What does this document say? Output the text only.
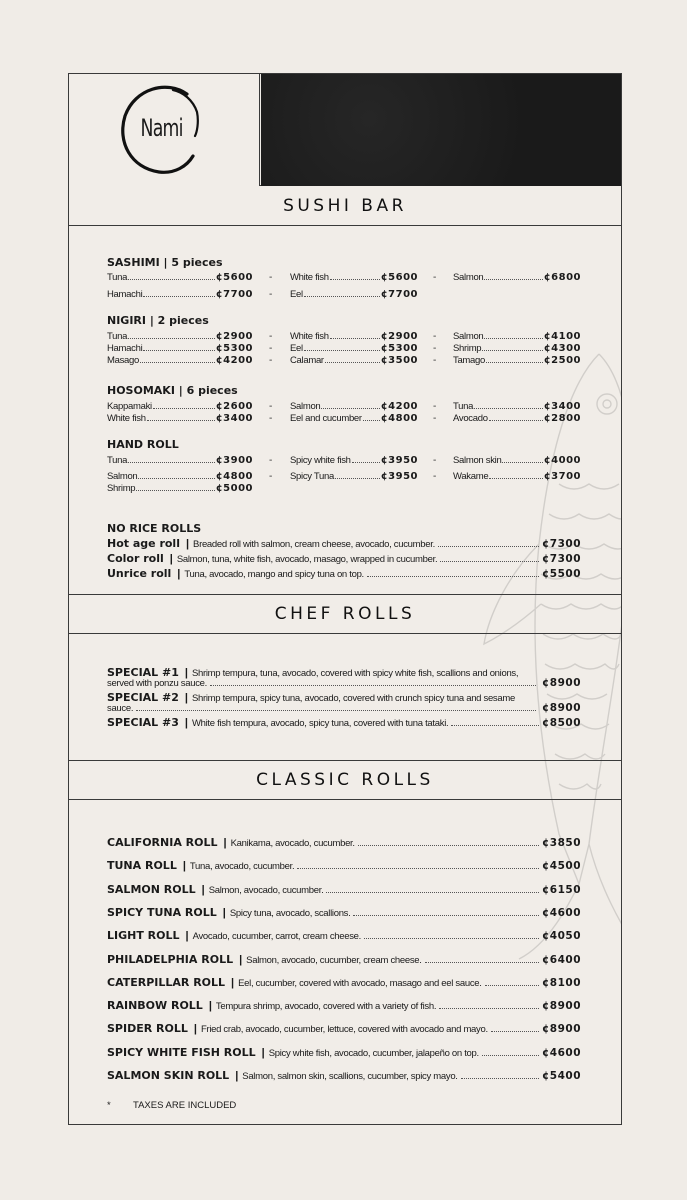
Nami
SUSHI BAR
SASHIMI | 5 pieces
Tuna	¢5600 - White fish	¢5600 - Salmon	¢6800
Hamachi	¢7700 - Eel	¢7700
NIGIRI | 2 pieces
Tuna	¢2900 - White fish	¢2900 - Salmon	¢4100
Hamachi	¢5300 - Eel	¢5300 - Shrimp	¢4300
Masago	¢4200 - Calamar	¢3500 - Tamago	¢2500
HOSOMAKI | 6 pieces
Kappamaki	¢2600 - Salmon	¢4200 - Tuna	¢3400
White fish	¢3400 - Eel and cucumber ¢4800 - Avocado	¢2800
HAND ROLL
Tuna	¢3900 - Spicy white fish	¢3950 - Salmon skin	¢4000
Salmon	¢4800 - Spicy Tuna	¢3950 - Wakame	¢3700
Shrimp	¢5000
NO RICE ROLLS
Hot age roll | Breaded roll with salmon, cream cheese, avocado, cucumber.	¢7300
Color roll | Salmon, tuna, white fish, avocado, masago, wrapped in cucumber.	¢7300
Unrice roll | Tuna, avocado, mango and spicy tuna on top.	¢5500
CHEF ROLLS
SPECIAL #1 | Shrimp tempura, tuna, avocado, covered with spicy white fish, scallions and onions,
served with ponzu sauce.	¢8900
SPECIAL #2 | Shrimp tempura, spicy tuna, avocado, covered with crunch spicy tuna and sesame
sauce.	¢8900
SPECIAL #3 | White fish tempura, avocado, spicy tuna, covered with tuna tataki.	¢8500
CLASSIC ROLLS
CALIFORNIA ROLL | Kanikama, avocado, cucumber.	¢3850
TUNA ROLL | Tuna, avocado, cucumber.	¢4500
SALMON ROLL | Salmon, avocado, cucumber.	¢6150
SPICY TUNA ROLL | Spicy tuna, avocado, scallions.	¢4600
LIGHT ROLL | Avocado, cucumber, carrot, cream cheese.	¢4050
PHILADELPHIA ROLL | Salmon, avocado, cucumber, cream cheese.	¢6400
CATERPILLAR ROLL | Eel, cucumber, covered with avocado, masago and eel sauce.	¢8100
RAINBOW ROLL | Tempura shrimp, avocado, covered with a variety of fish.	¢8900
SPIDER ROLL | Fried crab, avocado, cucumber, lettuce, covered with avocado and mayo.	¢8900
SPICY WHITE FISH ROLL | Spicy white fish, avocado, cucumber, jalapeño on top.	¢4600
SALMON SKIN ROLL | Salmon, salmon skin, scallions, cucumber, spicy mayo.	¢5400
*	TAXES ARE INCLUDED
